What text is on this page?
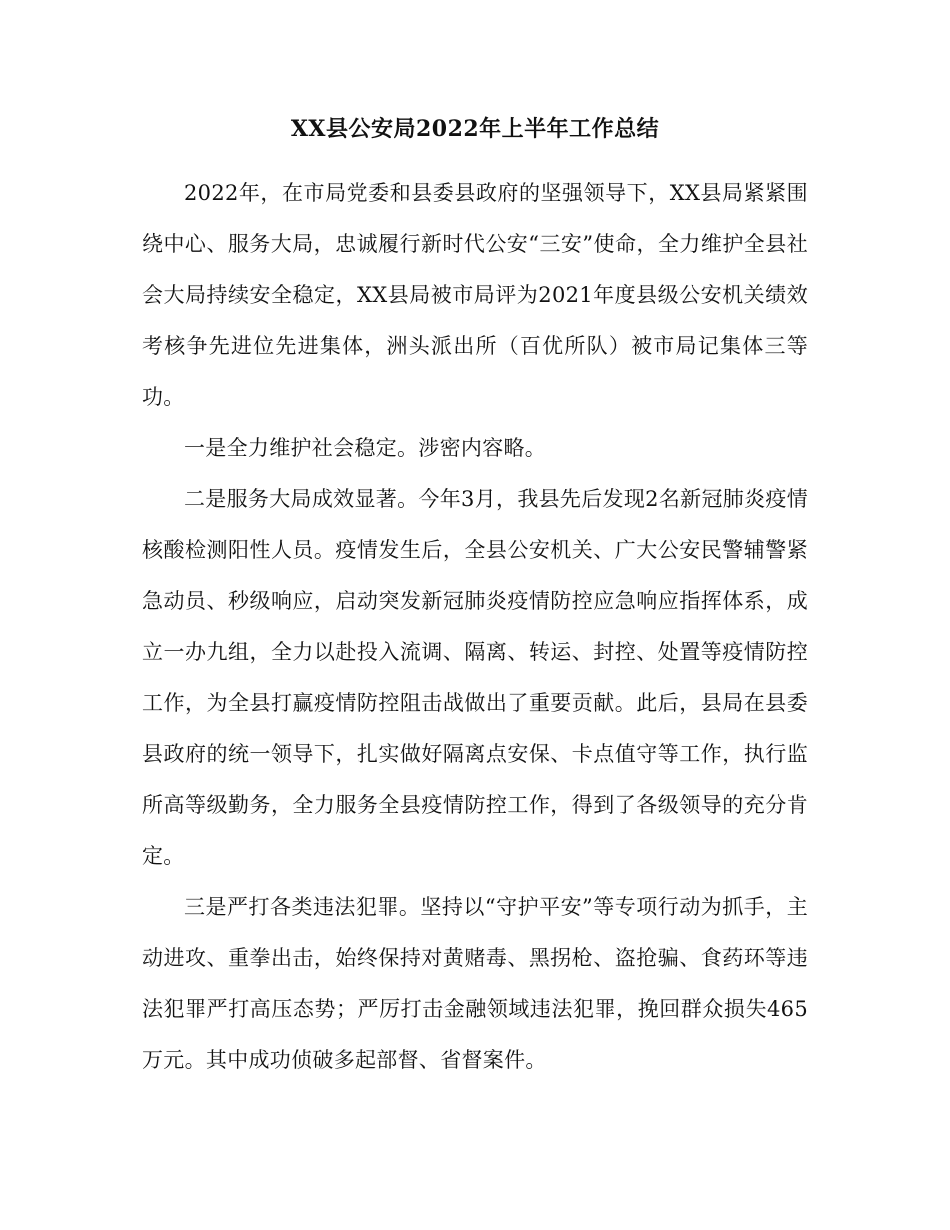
XX县公安局2022年上半年工作总结

2022年，在市局党委和县委县政府的坚强领导下，XX县局紧紧围绕中心、服务大局，忠诚履行新时代公安“三安”使命，全力维护全县社会大局持续安全稳定，XX县局被市局评为2021年度县级公安机关绩效考核争先进位先进集体，洲头派出所（百优所队）被市局记集体三等功。

一是全力维护社会稳定。涉密内容略。

二是服务大局成效显著。今年3月，我县先后发现2名新冠肺炎疫情核酸检测阳性人员。疫情发生后，全县公安机关、广大公安民警辅警紧急动员、秒级响应，启动突发新冠肺炎疫情防控应急响应指挥体系，成立一办九组，全力以赴投入流调、隔离、转运、封控、处置等疫情防控工作，为全县打赢疫情防控阻击战做出了重要贡献。此后，县局在县委县政府的统一领导下，扎实做好隔离点安保、卡点值守等工作，执行监所高等级勤务，全力服务全县疫情防控工作，得到了各级领导的充分肯定。

三是严打各类违法犯罪。坚持以“守护平安”等专项行动为抓手，主动进攻、重拳出击，始终保持对黄赌毒、黑拐枪、盗抢骗、食药环等违法犯罪严打高压态势；严厉打击金融领域违法犯罪，挽回群众损失465万元。其中成功侦破多起部督、省督案件。
